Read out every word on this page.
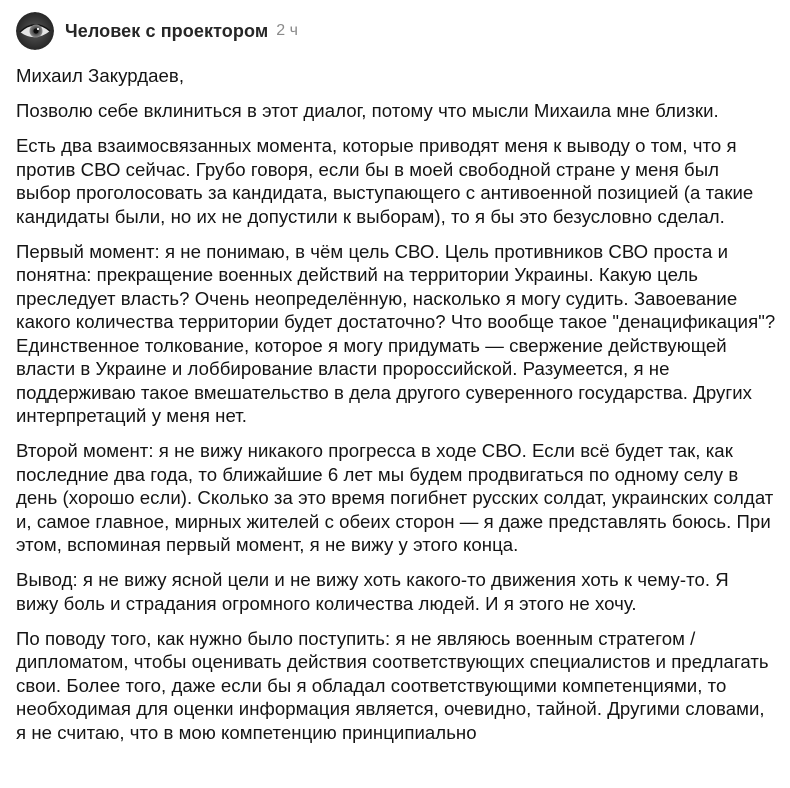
Человек с проектором 2 ч

Михаил Закурдаев,

Позволю себе вклиниться в этот диалог, потому что мысли Михаила мне близки.

Есть два взаимосвязанных момента, которые приводят меня к выводу о том, что я против СВО сейчас. Грубо говоря, если бы в моей свободной стране у меня был выбор проголосовать за кандидата, выступающего с антивоенной позицией (а такие кандидаты были, но их не допустили к выборам), то я бы это безусловно сделал.

Первый момент: я не понимаю, в чём цель СВО. Цель противников СВО проста и понятна: прекращение военных действий на территории Украины. Какую цель преследует власть? Очень неопределённую, насколько я могу судить. Завоевание какого количества территории будет достаточно? Что вообще такое "денацификация"? Единственное толкование, которое я могу придумать — свержение действующей власти в Украине и лоббирование власти пророссийской. Разумеется, я не поддерживаю такое вмешательство в дела другого суверенного государства. Других интерпретаций у меня нет.

Второй момент: я не вижу никакого прогресса в ходе СВО. Если всё будет так, как последние два года, то ближайшие 6 лет мы будем продвигаться по одному селу в день (хорошо если). Сколько за это время погибнет русских солдат, украинских солдат и, самое главное, мирных жителей с обеих сторон — я даже представлять боюсь. При этом, вспоминая первый момент, я не вижу у этого конца.

Вывод: я не вижу ясной цели и не вижу хоть какого-то движения хоть к чему-то. Я вижу боль и страдания огромного количества людей. И я этого не хочу.

По поводу того, как нужно было поступить: я не являюсь военным стратегом / дипломатом, чтобы оценивать действия соответствующих специалистов и предлагать свои. Более того, даже если бы я обладал соответствующими компетенциями, то необходимая для оценки информация является, очевидно, тайной. Другими словами, я не считаю, что в мою компетенцию принципиально
